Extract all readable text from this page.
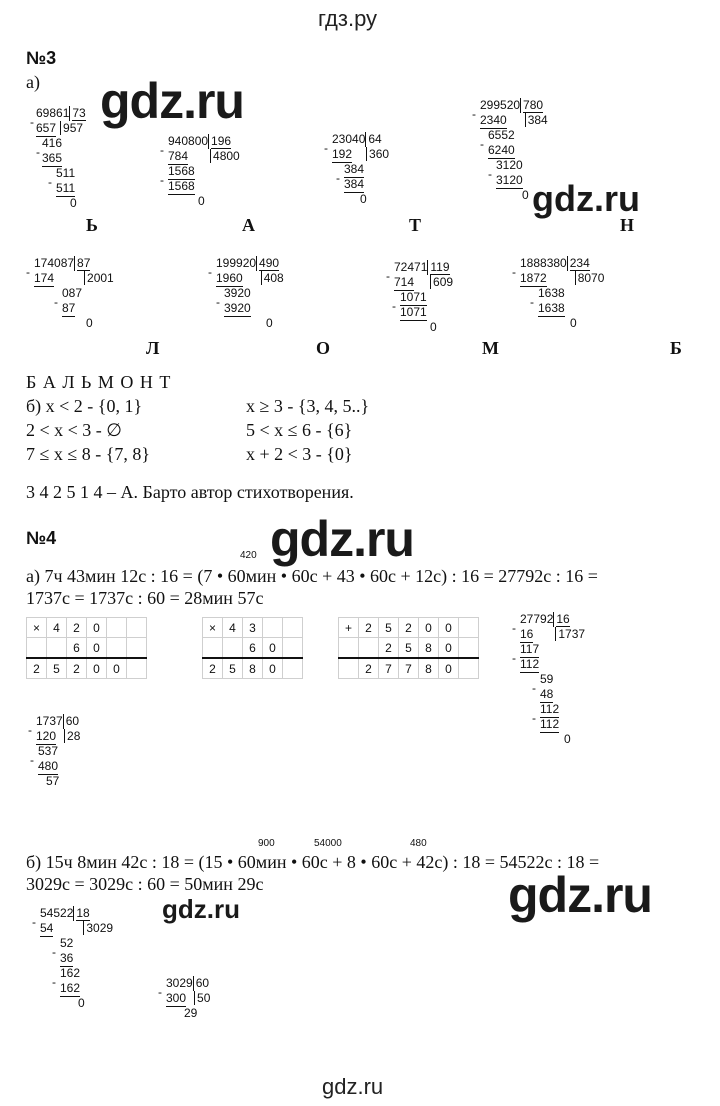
гдз.ру
№3
а) gdz.ru
69861 73
- 657 957
416
- 365
511
- 511
0
Ь
940800 196
- 784 4800
1568
- 1568
0
А
23040 64
- 192 360
384
- 384
0
Т
299520 780
- 2340 384
6552
- 6240
3120
- 3120
0 gdz.ru
Н
174087 87
- 174	2001
087
- 87
0
Л
199920 490
- 1960 408
3920
- 3920
0
О
72471 119
- 714 609
1071
- 1071
0
М
1888380 234
- 1872	8070
1638
- 1638
0
Б
Б А Л Ь М О Н Т
б) x < 2 - {0, 1}	x ≥ 3 - {3, 4, 5..}
2 < x < 3 - ∅	5 < x ≤ 6 - {6}
7 ≤ x ≤ 8 - {7, 8}	x + 2 < 3 - {0}
3 4 2 5 1 4 – А. Барто автор стихотворения.
№4	gdz.ru
420
а) 7ч 43мин 12с : 16 = (7 • 60мин • 60с + 43 • 60с + 12с) : 16 = 27792с : 16 =
1737с = 1737с : 60 = 28мин 57с
×	4	2	0		
		6	0		
2	5	2	0	0	
×	4	3		
		6	0	
2	5	8	0	
+	2	5	2	0	0	
		2	5	8	0	
	2	7	7	8	0	
27792 16
- 16 1737
117
- 112
59
- 48
112
- 112
0
1737 60
- 120 28
537
- 480
57
900	54000	480
б) 15ч 8мин 42с : 18 = (15 • 60мин • 60с + 8 • 60с + 42с) : 18 = 54522с : 18 =
3029с = 3029с : 60 = 50мин 29с	gdz.ru
gdz.ru
54522 18
- 54	3029
52
- 36
162
- 162
0
3029 60
- 300 50
29
gdz.ru
